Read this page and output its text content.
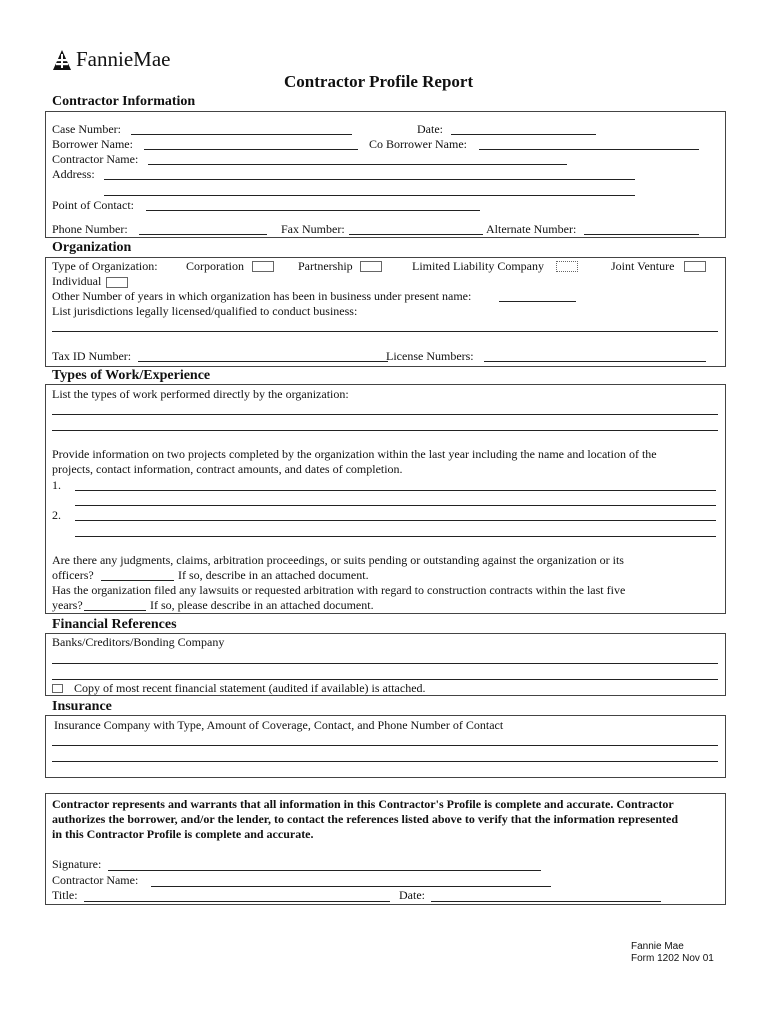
FannieMae
Contractor Profile Report
Contractor Information
Case Number:	Date:
Borrower Name:	Co Borrower Name:
Contractor Name:
Address:
Point of Contact:
Phone Number:	Fax Number:	Alternate Number:
Organization
Type of Organization: Corporation	Partnership	Limited Liability Company	Joint Venture
Individual
Other Number of years in which organization has been in business under present name:
List jurisdictions legally licensed/qualified to conduct business:
Tax ID Number:	License Numbers:
Types of Work/Experience
List the types of work performed directly by the organization:
Provide information on two projects completed by the organization within the last year including the name and location of the
projects, contact information, contract amounts, and dates of completion.
1.
2.
Are there any judgments, claims, arbitration proceedings, or suits pending or outstanding against the organization or its
officers?	If so, describe in an attached document.
Has the organization filed any lawsuits or requested arbitration with regard to construction contracts within the last five
years?	If so, please describe in an attached document.
Financial References
Banks/Creditors/Bonding Company
Copy of most recent financial statement (audited if available) is attached.
Insurance
Insurance Company with Type, Amount of Coverage, Contact, and Phone Number of Contact
Contractor represents and warrants that all information in this Contractor's Profile is complete and accurate. Contractor
authorizes the borrower, and/or the lender, to contact the references listed above to verify that the information represented
in this Contractor Profile is complete and accurate.
Signature:
Contractor Name:
Title:	Date:
Fannie Mae
Form 1202 Nov 01
